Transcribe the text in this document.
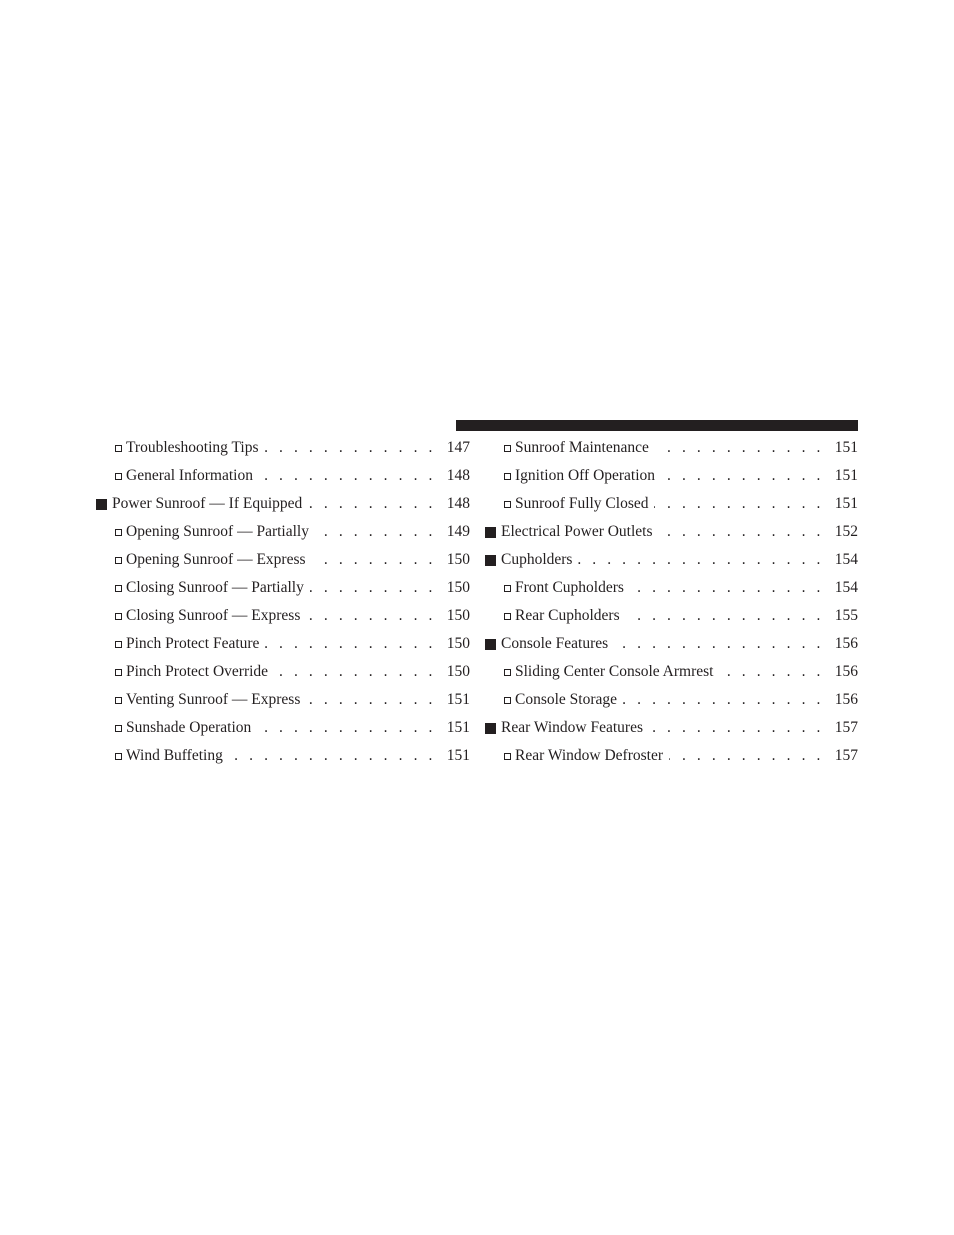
Troubleshooting Tips . . .	147
General Information . . .	148
Power Sunroof — If Equipped . . .	148
Opening Sunroof — Partially . . .	149
Opening Sunroof — Express . . .	150
Closing Sunroof — Partially . . .	150
Closing Sunroof — Express . . .	150
Pinch Protect Feature . . .	150
Pinch Protect Override . . .	150
Venting Sunroof — Express . . .	151
Sunshade Operation . . .	151
Wind Buffeting . . .	151
Sunroof Maintenance . . .	151
Ignition Off Operation . . .	151
Sunroof Fully Closed . . .	151
Electrical Power Outlets . . .	152
Cupholders . . .	154
Front Cupholders . . .	154
Rear Cupholders . . .	155
Console Features . . .	156
Sliding Center Console Armrest . . .	156
Console Storage . . .	156
Rear Window Features . . .	157
Rear Window Defroster . . .	157
